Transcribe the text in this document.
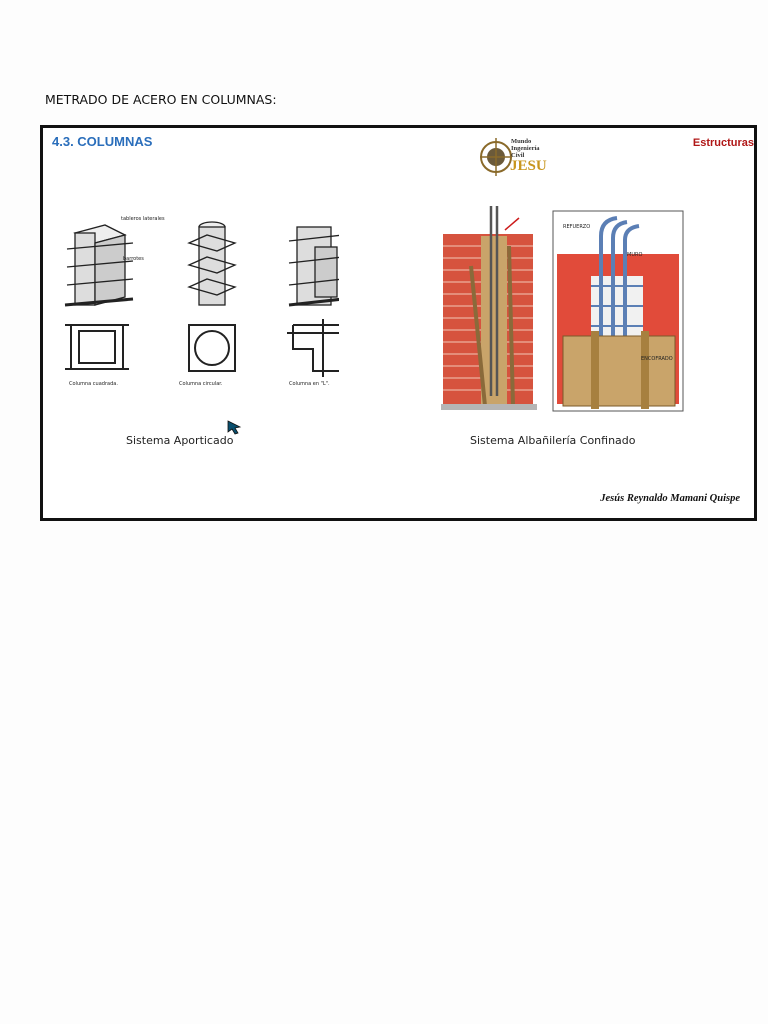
METRADO DE ACERO EN COLUMNAS:
4.3. COLUMNAS	Estructuras
Mundo
Ingeniería
Civil
JESU
tableros laterales
barrotes
Columna cuadrada.	Columna circular.	Columna en "L".
Sistema Aporticado
REFUERZO
MURO
ENCOFRADO
Sistema Albañilería Confinado
Jesús Reynaldo Mamani Quispe
